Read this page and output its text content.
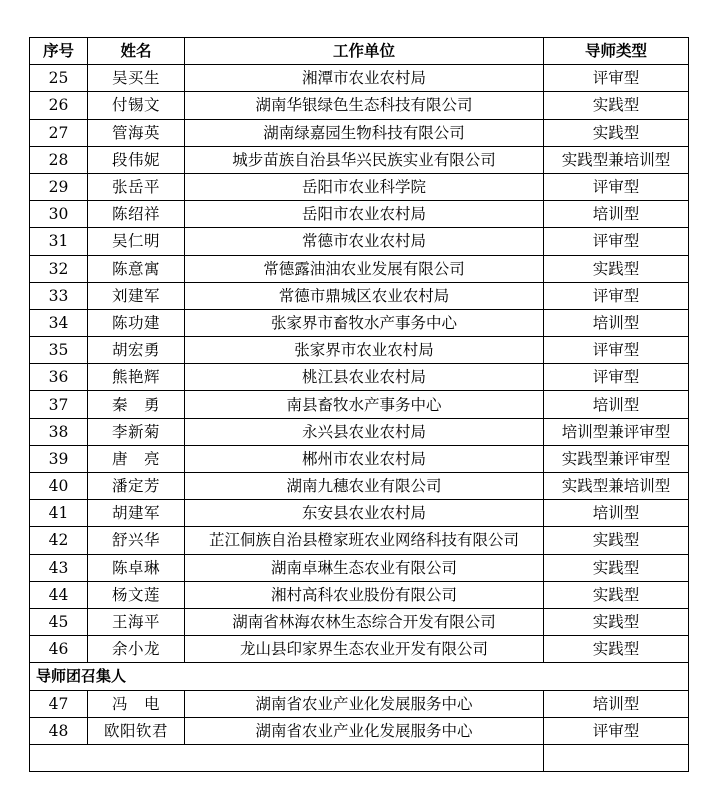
序号	姓名	工作单位	导师类型
25	吴买生	湘潭市农业农村局	评审型
26	付锡文	湖南华银绿色生态科技有限公司	实践型
27	管海英	湖南绿嘉园生物科技有限公司	实践型
28	段伟妮	城步苗族自治县华兴民族实业有限公司	实践型兼培训型
29	张岳平	岳阳市农业科学院	评审型
30	陈绍祥	岳阳市农业农村局	培训型
31	吴仁明	常德市农业农村局	评审型
32	陈意寓	常德露油油农业发展有限公司	实践型
33	刘建军	常德市鼎城区农业农村局	评审型
34	陈功建	张家界市畜牧水产事务中心	培训型
35	胡宏勇	张家界市农业农村局	评审型
36	熊艳辉	桃江县农业农村局	评审型
37	秦　勇	南县畜牧水产事务中心	培训型
38	李新菊	永兴县农业农村局	培训型兼评审型
39	唐　亮	郴州市农业农村局	实践型兼评审型
40	潘定芳	湖南九穗农业有限公司	实践型兼培训型
41	胡建军	东安县农业农村局	培训型
42	舒兴华	芷江侗族自治县橙家班农业网络科技有限公司	实践型
43	陈卓琳	湖南卓琳生态农业有限公司	实践型
44	杨文莲	湘村高科农业股份有限公司	实践型
45	王海平	湖南省林海农林生态综合开发有限公司	实践型
46	余小龙	龙山县印家界生态农业开发有限公司	实践型
导师团召集人			
47	冯　电	湖南省农业产业化发展服务中心	培训型
48	欧阳钦君	湖南省农业产业化发展服务中心	评审型
